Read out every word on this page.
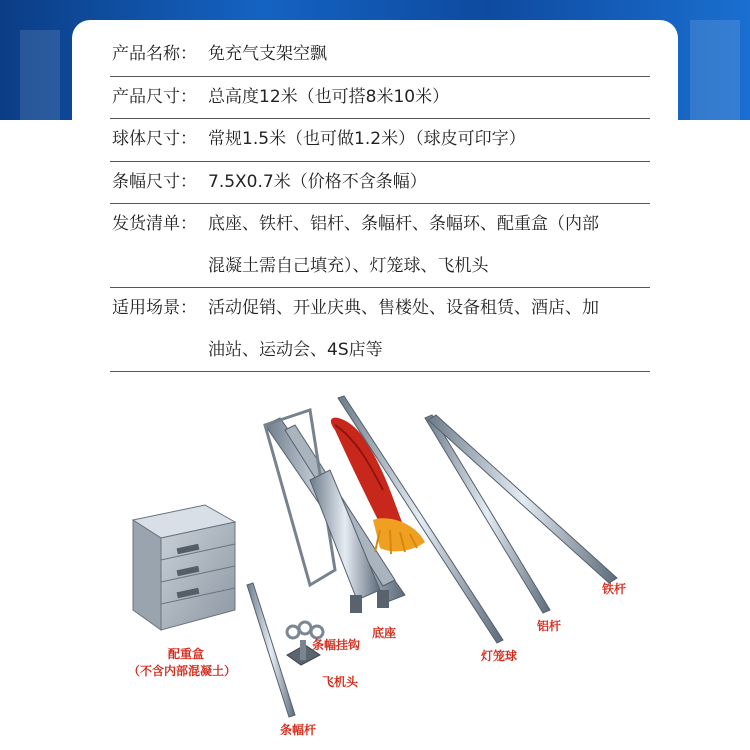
产品名称： 免充气支架空飘
产品尺寸： 总高度12米（也可搭8米10米）
球体尺寸： 常规1.5米（也可做1.2米）（球皮可印字）
条幅尺寸： 7.5X0.7米（价格不含条幅）
发货清单： 底座、铁杆、铝杆、条幅杆、条幅环、配重盒（内部
混凝土需自己填充）、灯笼球、飞机头
适用场景： 活动促销、开业庆典、售楼处、设备租赁、酒店、加
油站、运动会、4S店等
配重盒
（不含内部混凝土）
底座
条幅挂钩
飞机头
条幅杆
灯笼球
铝杆
铁杆
